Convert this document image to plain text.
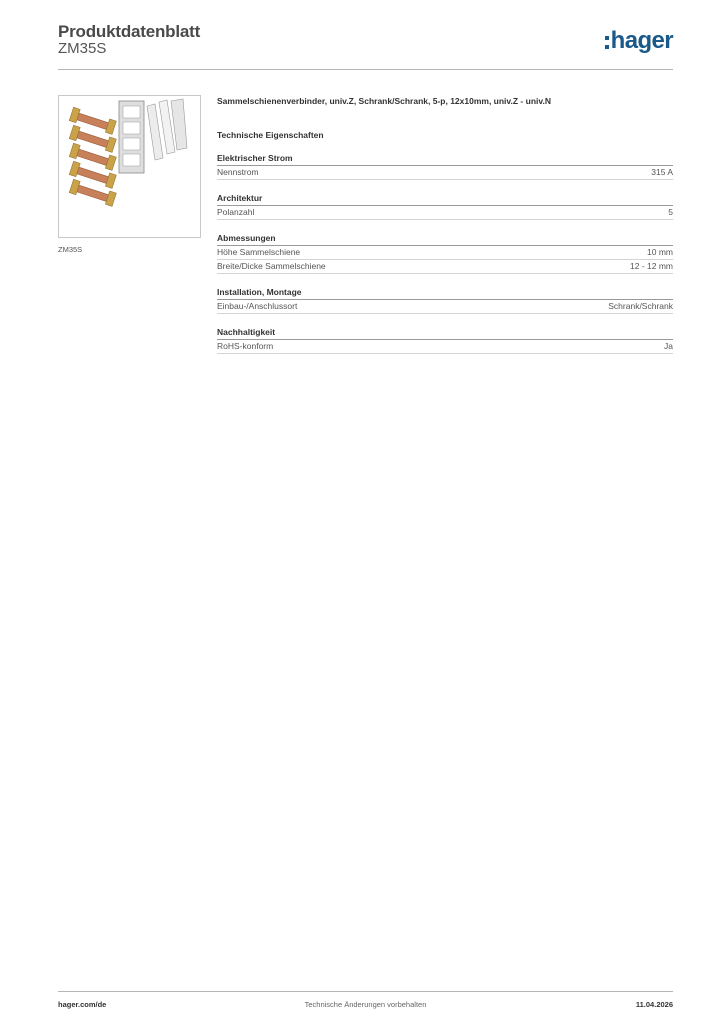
Produktdatenblatt
ZM35S	hager
ZM35S
Sammelschienenverbinder, univ.Z, Schrank/Schrank, 5-p, 12x10mm, univ.Z - univ.N
Technische Eigenschaften
Elektrischer Strom
Nennstrom	315 A
Architektur
Polanzahl	5
Abmessungen
Höhe Sammelschiene	10 mm
Breite/Dicke Sammelschiene	12 - 12 mm
Installation, Montage
Einbau-/Anschlussort	Schrank/Schrank
Nachhaltigkeit
RoHS-konform	Ja
hager.com/de	Technische Änderungen vorbehalten	11.04.2026
